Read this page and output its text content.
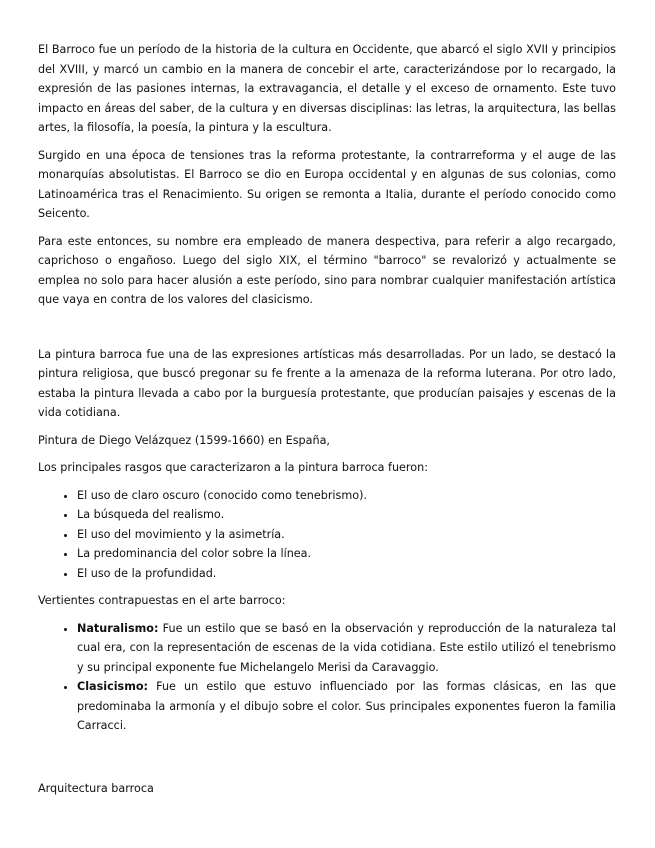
El Barroco fue un período de la historia de la cultura en Occidente, que abarcó el siglo XVII y principios del XVIII, y marcó un cambio en la manera de concebir el arte, caracterizándose por lo recargado, la expresión de las pasiones internas, la extravagancia, el detalle y el exceso de ornamento. Este tuvo impacto en áreas del saber, de la cultura y en diversas disciplinas: las letras, la arquitectura, las bellas artes, la filosofía, la poesía, la pintura y la escultura.

Surgido en una época de tensiones tras la reforma protestante, la contrarreforma y el auge de las monarquías absolutistas. El Barroco se dio en Europa occidental y en algunas de sus colonias, como Latinoamérica tras el Renacimiento. Su origen se remonta a Italia, durante el período conocido como Seicento.

Para este entonces, su nombre era empleado de manera despectiva, para referir a algo recargado, caprichoso o engañoso. Luego del siglo XIX, el término "barroco" se revalorizó y actualmente se emplea no solo para hacer alusión a este período, sino para nombrar cualquier manifestación artística que vaya en contra de los valores del clasicismo.

La pintura barroca fue una de las expresiones artísticas más desarrolladas. Por un lado, se destacó la pintura religiosa, que buscó pregonar su fe frente a la amenaza de la reforma luterana. Por otro lado, estaba la pintura llevada a cabo por la burguesía protestante, que producían paisajes y escenas de la vida cotidiana.

Pintura de Diego Velázquez (1599-1660) en España,

Los principales rasgos que caracterizaron a la pintura barroca fueron:

• El uso de claro oscuro (conocido como tenebrismo).
• La búsqueda del realismo.
• El uso del movimiento y la asimetría.
• La predominancia del color sobre la línea.
• El uso de la profundidad.

Vertientes contrapuestas en el arte barroco:

• Naturalismo: Fue un estilo que se basó en la observación y reproducción de la naturaleza tal cual era, con la representación de escenas de la vida cotidiana. Este estilo utilizó el tenebrismo y su principal exponente fue Michelangelo Merisi da Caravaggio.
• Clasicismo: Fue un estilo que estuvo influenciado por las formas clásicas, en las que predominaba la armonía y el dibujo sobre el color. Sus principales exponentes fueron la familia Carracci.

Arquitectura barroca
